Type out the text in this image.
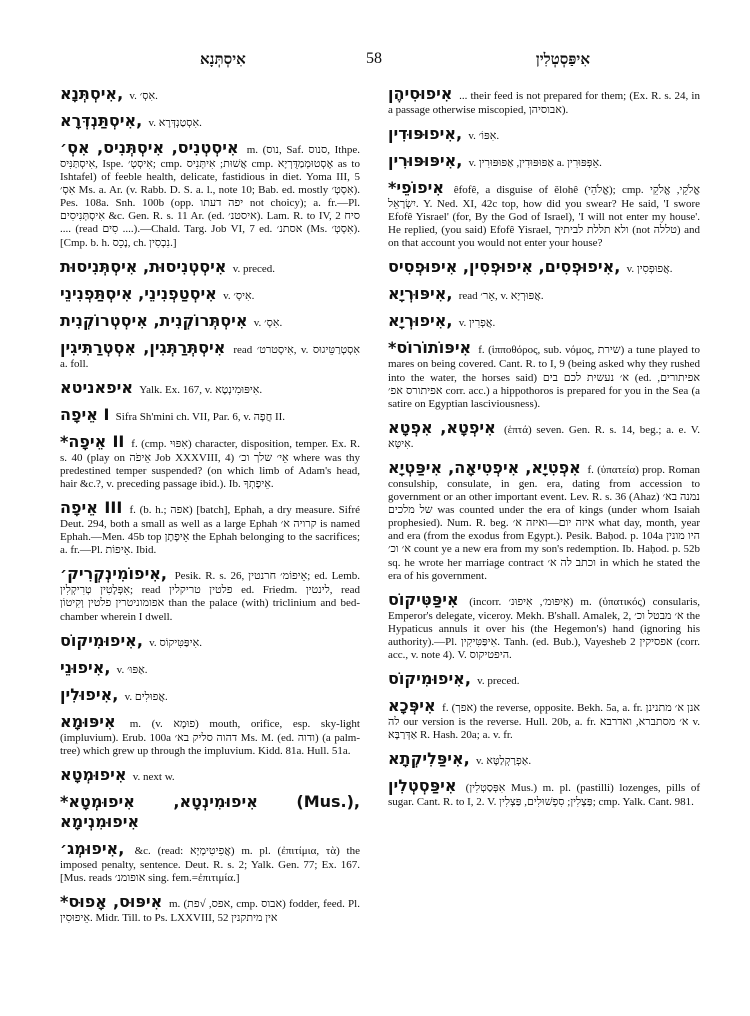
אִיסְתְּנָא	58	אִיפַּסְטְלִין
אִיסְתְּנָא, v. אִסְ׳.
אִיסְתַּנְדְּרָא, v. אִסְטַנְדְּרָא.
אִיסְטְנִיס, אִיסְתְּנִיס, אִסְ׳ m. (נוס, Saf. סנוס, Ithpe. אִיסְתַּנִּיס, Ispe. אִיסְטְ׳; cmp. אֲשׁוּת; אִיתְּנִיס cmp. אֶסְטוּמְמַדֻּרְיָא as to Ishtafel) of feeble health, delicate, fastidious in diet. Yoma III, 5 אִסְ׳ Ms. a. Ar. (v. Rabb. D. S. a. l., note 10; Bab. ed. mostly אִסְטְ׳). Pes. 108a. Snh. 100b (opp. יפה דעתו not choicy); a. fr.—Pl. אִיסְתְּנִיסִים &c. Gen. R. s. 11 Ar. (ed. איסטנ׳). Lam. R. to IV, 2 סיח .... (read סִים ....).—Chald. Targ. Job VI, 7 ed. אסתנ׳ (Ms. אִסְטְ׳). [Cmp. b. h. נָכֵס, ch. נִכְסִין.]
אִיסְטְנִיסוּת, אִיסְתְּנִיסוּת v. preced.
אִיסְטַפְנִינֵי, אִיסְתַּפְנִינֵי v. אִיסְ׳.
אִיסְתְּרוֹקְנִית, אִיסְטְרוֹקְנִית v. אִסְ׳.
אִיסְתְּרַתְּגִין, אִסְטְרַתִּיגִין read אִיסְטרט׳, v. אִסְטְרַטֵּיגוּס a. foll.
איפאניטא Yalk. Ex. 167, v. אִיפּוּמִינְטָא.
אֵיפָה I Sifra Sh'mini ch. VII, Par. 6, v. חֲפָה II.
*אֵיפָה II f. (cmp. אִפּוּי) character, disposition, temper. Ex. R. s. 40 (play on אֵיפֹה Job XXXVIII, 4) אֵי׳ שלך וכ׳ where was thy predestined temper suspended? (on which limb of Adam's head, hair &c.?, v. preceding passage ibid.). Ib. אֵיפָתְךָ.
אֵיפָה III f. (b. h.; אפה) [batch], Ephah, a dry measure. Sifré Deut. 294, both a small as well as a large Ephah קרויה א׳ is named Ephah.—Men. 45b top אֵיפָתָן the Ephah belonging to the sacrifices; a. fr.—Pl. אֵיפוֹת. Ibid.
אִיפוֹמִינְקְרִיק׳, Pesik. R. s. 26, אֵיפוֹמ׳ חרנטין; ed. Lemb. אִפְּלָטִין טְרִיקְלִין; read פלטין טריקלין ed. Friedm. לינטין, read אפומוניטרין פלטין וְקִיטוֹן than the palace (with) triclinium and bed-chamber wherein I dwell.
אִיפוּמִיקוֹס, v. אִיפַּטִּיקוֹס.
אִיפוּנֵי, v. אַפּוּ׳.
אִיפוּלִין, v. אֲפוּלִים.
אִיפּוּמָא m. (v. פוּמָא) mouth, orifice, esp. sky-light (impluvium). Erub. 100a דהוה סליק בא׳ Ms. M. (ed. ודוה) (a palm-tree) which grew up through the impluvium. Kidd. 81a. Hull. 51a.
אִיפוּמְטָא v. next w.
*אִיפוּמִינְטָא, אִיפוּמְטָא (Mus.), אִיפוּמִנְימָא
אִיפוּמְג׳, &c. (read: אֲפִיטִימְיָא) m. pl. (ἐπιτίμια, τὰ) the imposed penalty, sentence. Deut. R. s. 2; Yalk. Gen. 77; Ex. 167. [Mus. reads אופומנ׳ sing. fem.=ἐπιτιμία.]
*אִיפּוּס, אָפוּס m. (אפס, √פת, cmp. אבוס) fodder, feed. Pl. אֵיפוּסִין. Midr. Till. to Ps. LXXVIII, 52 אין מיתקנין
אִיפוּסִיהֶן ... their feed is not prepared for them; (Ex. R. s. 24, in a passage otherwise miscopied, אבוסיהן).
אִיפוּפּוּדִין, v. אִפּוֹ׳.
אִיפּוּפּוּרִין, v. אַפּוּפּוּדִין, אַפּוּפּוּרִין a. אֵפְּפּוּרִין.
*אִיפוֹפֵי êfofê, a disguise of ĕlohê (אֱלֹהֵי); cmp. אֱלֹקֵי, אֱלֹקֵי יִשְׂרָאֵל. Y. Ned. XI, 42c top, how did you swear? He said, 'I swore Efofê Yisrael' (for, By the God of Israel), 'I will not enter my house'. He replied, (you said) Efofê Yisrael, ולא תללת לביתיך (not טללה) and on that account you would not enter your house?
אִיפוּפְסִים, אִיפוּפְסִין, אִיפוּפְסִיס, v. אֲפוּפְסִין.
אִיפּוּרְיָא, read אָר׳, v. אֲפּוּרְיָא.
אִיפוּרְיָא, v. אֲפְרִין.
*אִיפּוֹתוֹרוֹס f. (ἱπποθόρος, sub. νόμος, שירת) a tune played to mares on being covered. Cant. R. to I, 9 (being asked why they rushed into the water, the horses said) א׳ נעשית לכם בים (ed. אפיתורים, אפיתורס אפ׳ corr. acc.) a hippothoros is prepared for you in the Sea (a satire on Egyptian lasciviousness).
אִיפְטָא, אִפְטָא (ἑπτά) seven. Gen. R. s. 14, beg.; a. e. V. אִיטְּא.
אִפְטִיָא, אִיפְטִיאָה, אִיפַּטְיָא f. (ὑπατεία) prop. Roman consulship, consulate, in gen. era, dating from accession to government or an other important event. Lev. R. s. 36 (Ahaz) נמנה בא׳ של מלכים was counted under the era of kings (under whom Isaiah prophesied). Num. R. beg. איזה יום—ואיזה א׳ what day, month, year and era (from the exodus from Egypt.). Pesik. Baḥod. p. 104a היו מונין א׳ וכ׳ count ye a new era from my son's redemption. Ib. Haḥod. p. 52b sq. he wrote her marriage contract וכתב לה א׳ in which he stated the era of his government.
אִיפַּטִּיקוֹס (incorr. אִיפּוּמ׳, אִיפוּנ׳) m. (ὑπατικός) consularis, Emperor's delegate, viceroy. Mekh. B'shall. Amalek, 2, א׳ מבטל וכ׳ the Hypaticus annuls it over his (the Hegemon's) hand (ignoring his authority).—Pl. אִיפַּטִּיקִין. Tanh. (ed. Bub.), Vayesheb 2 אפסיקין (corr. acc., v. note 4). V. היפטיקוס.
אִיפוּמִיקוֹס, v. preced.
אִיפְּכָא f. (אפך) the reverse, opposite. Bekh. 5a, a. fr. אנן א׳ מתנינן לה our version is the reverse. Hull. 20b, a. fr. א׳ מסתברא, ואדרבא v. אַדְּרַבָּא R. Hash. 20a; a. v. fr.
אִיפַּלִיקְתָא, v. אַפְרַקְלַטָּא.
אִיפַּסְטְלִין (אִפְּסַטְלִין Mus.) m. pl. (pastilli) lozenges, pills of sugar. Cant. R. to I, 2. V. פַּצְלִין; סִפְשׁוּלִים, פַּצְלִין; cmp. Yalk. Cant. 981.
